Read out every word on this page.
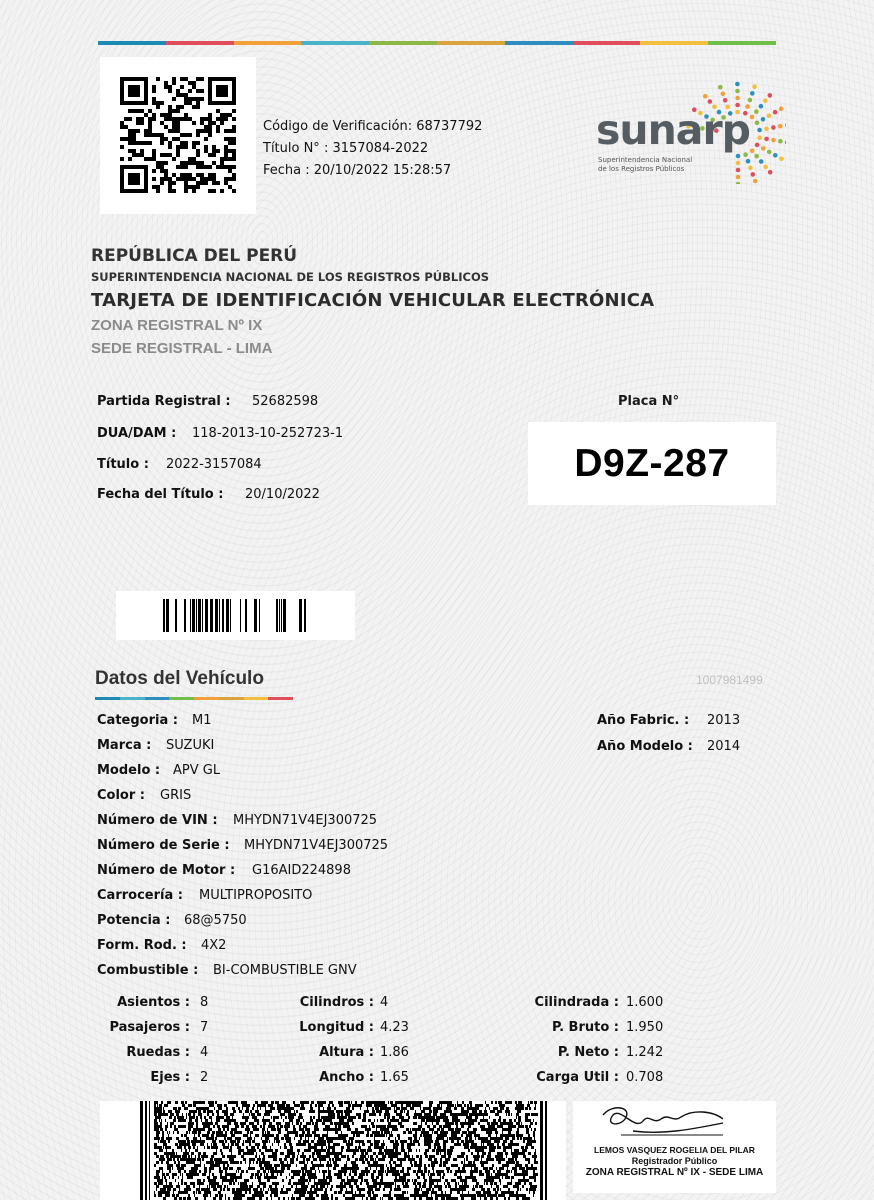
Código de Verificación: 68737792
Título N° : 3157084-2022
Fecha : 20/10/2022 15:28:57
sunarp
Superintendencia Nacional
de los Registros Públicos
REPÚBLICA DEL PERÚ
SUPERINTENDENCIA NACIONAL DE LOS REGISTROS PÚBLICOS
TARJETA DE IDENTIFICACIÓN VEHICULAR ELECTRÓNICA
ZONA REGISTRAL Nº IX
SEDE REGISTRAL - LIMA
Partida Registral : 52682598
DUA/DAM : 118-2013-10-252723-1
Título : 2022-3157084
Fecha del Título : 20/10/2022
Placa N°
D9Z-287
Datos del Vehículo	1007981499
Categoria : M1
Marca : SUZUKI
Modelo : APV GL
Color : GRIS
Número de VIN : MHYDN71V4EJ300725
Número de Serie : MHYDN71V4EJ300725
Número de Motor : G16AID224898
Carrocería : MULTIPROPOSITO
Potencia : 68@5750
Form. Rod. : 4X2
Combustible : BI-COMBUSTIBLE GNV
Año Fabric. : 2013
Año Modelo : 2014
Asientos : 8
Pasajeros : 7
Ruedas : 4
Ejes : 2
Cilindros : 4
Longitud : 4.23
Altura : 1.86
Ancho : 1.65
Cilindrada : 1.600
P. Bruto : 1.950
P. Neto : 1.242
Carga Util : 0.708
LEMOS VASQUEZ ROGELIA DEL PILAR
Registrador Público
ZONA REGISTRAL Nº IX - SEDE LIMA
